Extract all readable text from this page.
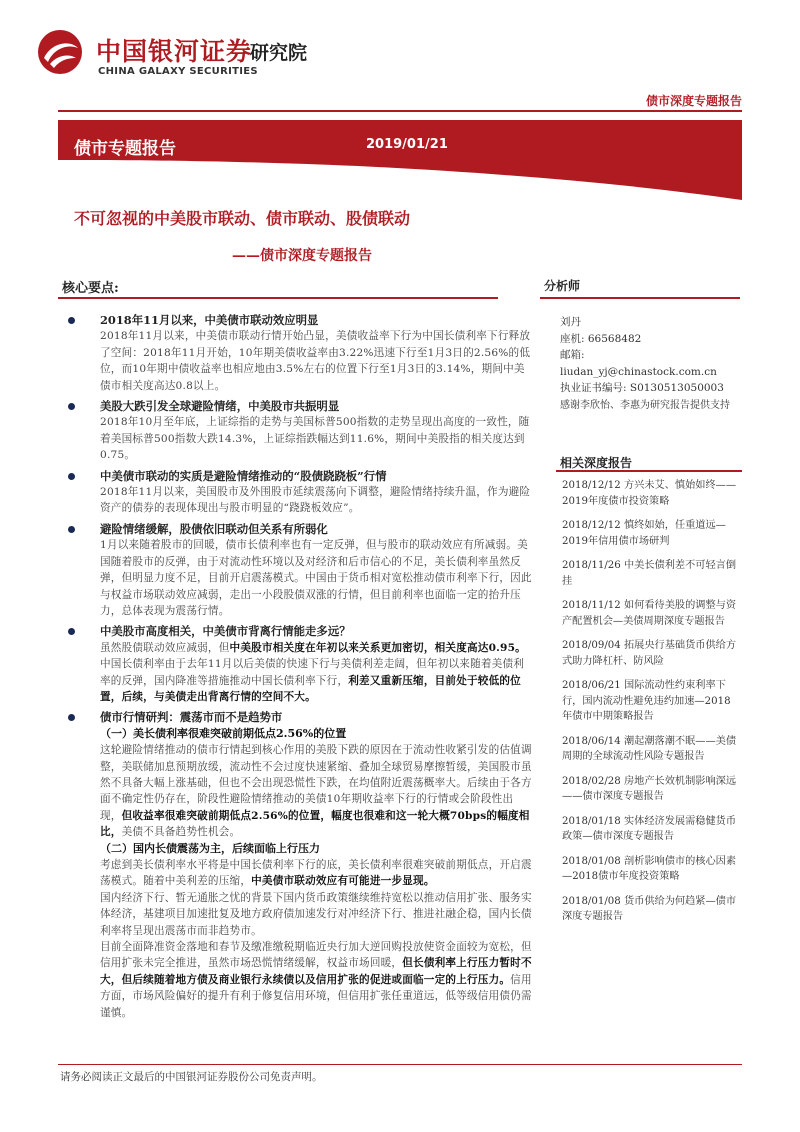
中国银河证券
研究院
CHINA GALAXY SECURITIES
债市深度专题报告
债市专题报告	2019/01/21
不可忽视的中美股市联动、债市联动、股债联动
——债市深度专题报告
核心要点:	分析师
2018年11月以来，中美债市联动效应明显
2018年11月以来，中美债市联动行情开始凸显，美债收益率下行为中国长债利率下行释放了空间：2018年11月开始，10年期美债收益率由3.22%迅速下行至1月3日的2.56%的低位，而10年期中债收益率也相应地由3.5%左右的位置下行至1月3日的3.14%，期间中美债市相关度高达0.8以上。
美股大跌引发全球避险情绪，中美股市共振明显
2018年10月至年底，上证综指的走势与美国标普500指数的走势呈现出高度的一致性，随着美国标普500指数大跌14.3%，上证综指跌幅达到11.6%，期间中美股指的相关度达到0.75。
中美债市联动的实质是避险情绪推动的“股债跷跷板”行情
2018年11月以来，美国股市及外围股市延续震荡向下调整，避险情绪持续升温，作为避险资产的债券的表现体现出与股市明显的“跷跷板效应”。
避险情绪缓解，股债依旧联动但关系有所弱化
1月以来随着股市的回暖，债市长债利率也有一定反弹，但与股市的联动效应有所减弱。美国随着股市的反弹，由于对流动性环境以及对经济和后市信心的不足，美长债利率虽然反弹，但明显力度不足，目前开启震荡模式。中国由于货币相对宽松推动债市利率下行，因此与权益市场联动效应减弱，走出一小段股债双涨的行情，但目前利率也面临一定的抬升压力，总体表现为震荡行情。
中美股市高度相关，中美债市背离行情能走多远？
虽然股债联动效应减弱，但中美股市相关度在年初以来关系更加密切，相关度高达0.95。中国长债利率由于去年11月以后美债的快速下行与美债利差走阔，但年初以来随着美债利率的反弹，国内降准等措施推动中国长债利率下行，利差又重新压缩，目前处于较低的位置，后续，与美债走出背离行情的空间不大。
债市行情研判：震荡市而不是趋势市
（一）美长债利率很难突破前期低点2.56%的位置
这轮避险情绪推动的债市行情起到核心作用的美股下跌的原因在于流动性收紧引发的估值调整，美联储加息预期放缓，流动性不会过度快速紧缩、叠加全球贸易摩擦暂缓，美国股市虽然不具备大幅上涨基础，但也不会出现恐慌性下跌，在均值附近震荡概率大。后续由于各方面不确定性仍存在，阶段性避险情绪推动的美债10年期收益率下行的行情或会阶段性出现，但收益率很难突破前期低点2.56%的位置，幅度也很难和这一轮大概70bps的幅度相比，美债不具备趋势性机会。
（二）国内长债震荡为主，后续面临上行压力
考虑到美长债利率水平将是中国长债利率下行的底，美长债利率很难突破前期低点，开启震荡模式。随着中美利差的压缩，中美债市联动效应有可能进一步显现。
国内经济下行、暂无通胀之忧的背景下国内货币政策继续维持宽松以推动信用扩张、服务实体经济，基建项目加速批复及地方政府债加速发行对冲经济下行、推进社融企稳，国内长债利率将呈现出震荡市而非趋势市。
目前全面降准资金落地和春节及缴准缴税期临近央行加大逆回购投放使资金面较为宽松，但信用扩张未完全推进，虽然市场恐慌情绪缓解，权益市场回暖，但长债利率上行压力暂时不大，但后续随着地方债及商业银行永续债以及信用扩张的促进或面临一定的上行压力。信用方面，市场风险偏好的提升有利于修复信用环境，但信用扩张任重道远，低等级信用债仍需谨慎。
刘丹
座机: 66568482
邮箱: liudan_yj@chinastock.com.cn
执业证书编号: S0130513050003
感谢李欣怡、李惠为研究报告提供支持
相关深度报告
2018/12/12 方兴未艾、慎始如终——2019年度债市投资策略
2018/12/12 慎终如始，任重道远—2019年信用债市场研判
2018/11/26 中美长债利差不可轻言倒挂
2018/11/12 如何看待美股的调整与资产配置机会—美债周期深度专题报告
2018/09/04 拓展央行基础货币供给方式助力降杠杆、防风险
2018/06/21 国际流动性约束利率下行，国内流动性避免违约加速—2018年债市中期策略报告
2018/06/14 潮起潮落潮不眠——美债周期的全球流动性风险专题报告
2018/02/28 房地产长效机制影响深远——债市深度专题报告
2018/01/18 实体经济发展需稳健货币政策—债市深度专题报告
2018/01/08 剖析影响债市的核心因素—2018债市年度投资策略
2018/01/08 货币供给为何趋紧—债市深度专题报告
请务必阅读正文最后的中国银河证券股份公司免责声明。
